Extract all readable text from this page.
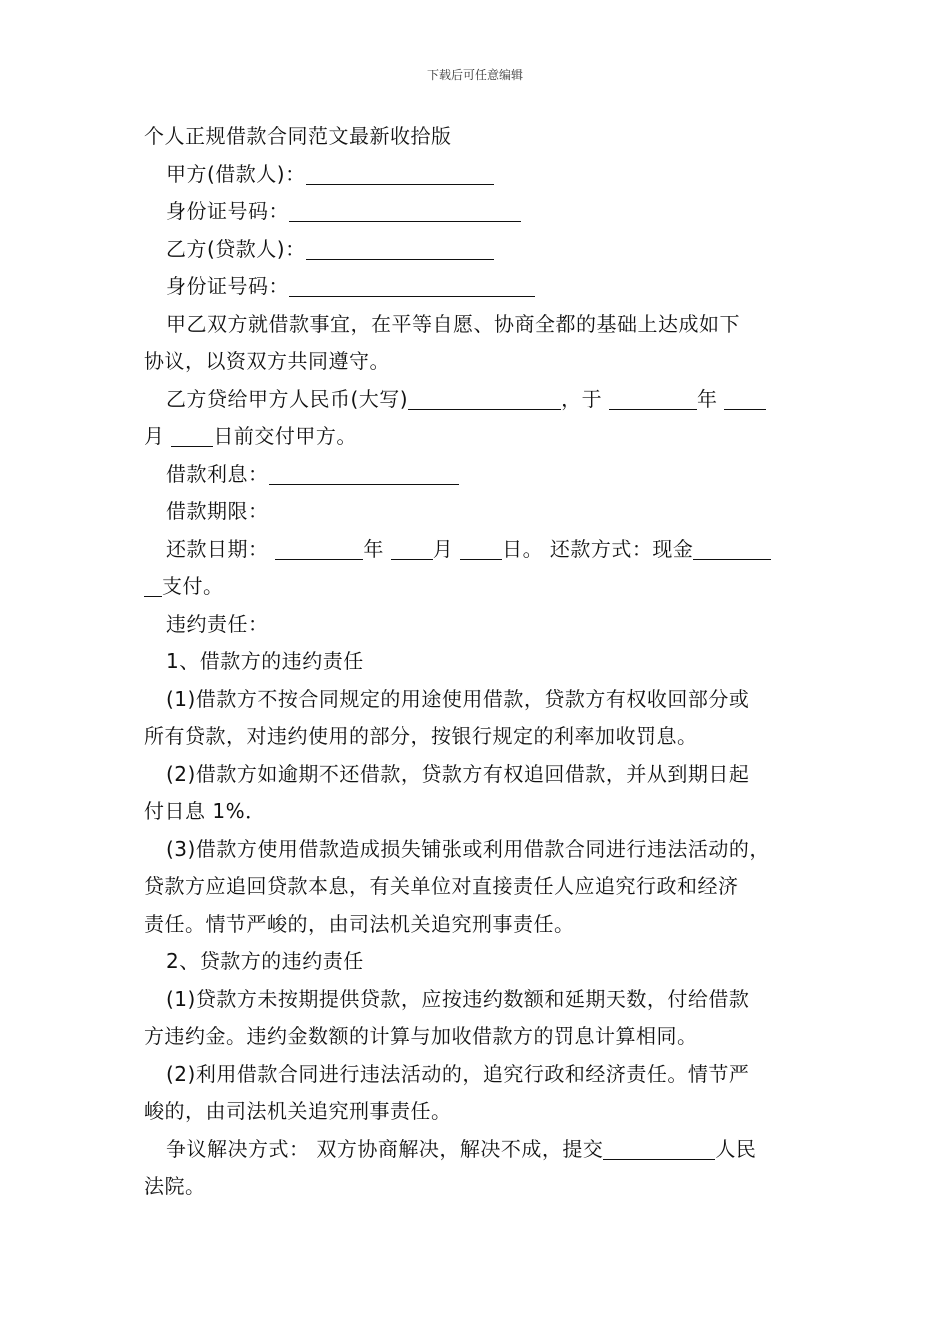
下载后可任意编辑
个人正规借款合同范文最新收拾版
甲方(借款人)：
身份证号码：
乙方(贷款人)：
身份证号码：
甲乙双方就借款事宜，在平等自愿、协商全都的基础上达成如下
协议，以资双方共同遵守。
乙方贷给甲方人民币(大写)	，于	年
月 日前交付甲方。
借款利息：
借款期限：
还款日期：	年 月 日。 还款方式：现金
支付。
违约责任：
1、借款方的违约责任
(1)借款方不按合同规定的用途使用借款，贷款方有权收回部分或
所有贷款，对违约使用的部分，按银行规定的利率加收罚息。
(2)借款方如逾期不还借款，贷款方有权追回借款，并从到期日起
付日息 1%．
(3)借款方使用借款造成损失铺张或利用借款合同进行违法活动的，
贷款方应追回贷款本息，有关单位对直接责任人应追究行政和经济
责任。情节严峻的，由司法机关追究刑事责任。
2、贷款方的违约责任
(1)贷款方未按期提供贷款，应按违约数额和延期天数，付给借款
方违约金。违约金数额的计算与加收借款方的罚息计算相同。
(2)利用借款合同进行违法活动的，追究行政和经济责任。情节严
峻的，由司法机关追究刑事责任。
争议解决方式： 双方协商解决，解决不成，提交	人民
法院。
